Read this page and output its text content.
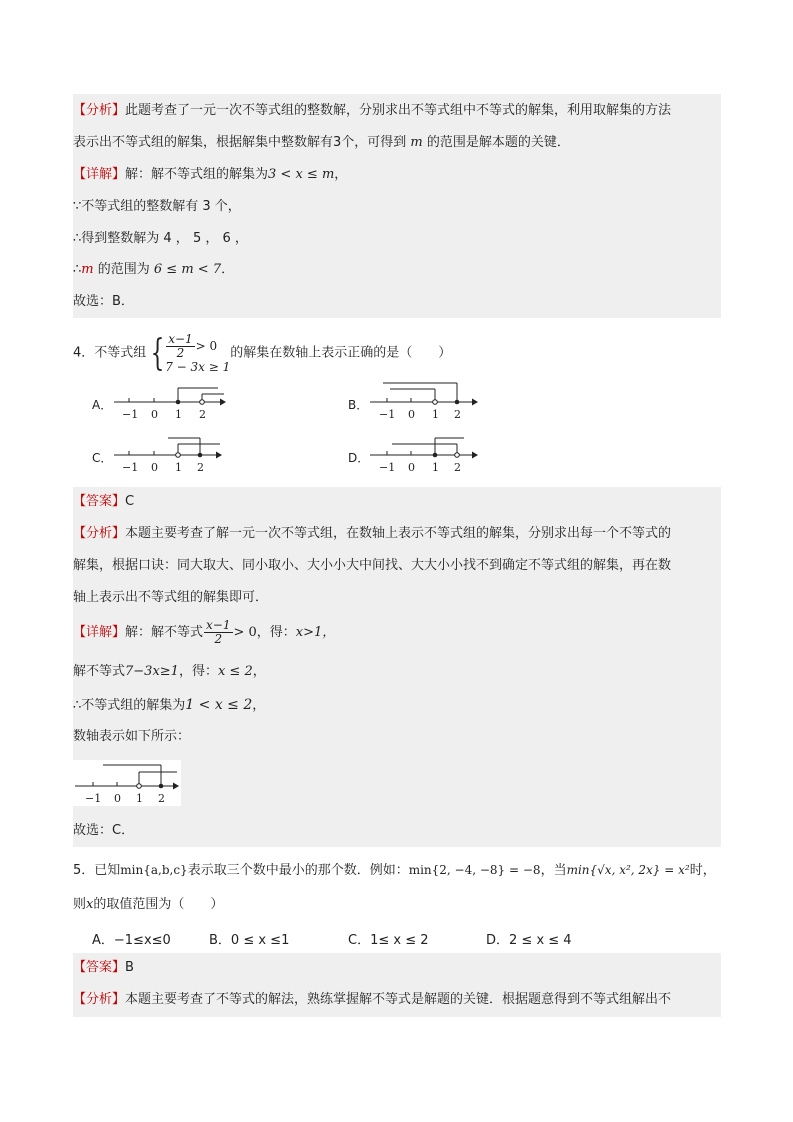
【分析】此题考查了一元一次不等式组的整数解，分别求出不等式组中不等式的解集，利用取解集的方法
表示出不等式组的解集，根据解集中整数解有3个，可得到 m 的范围是解本题的关键．
【详解】解：解不等式组的解集为3 < x ≤ m，
∵不等式组的整数解有 3 个，
∴得到整数解为 4 ， 5 ， 6 ，
∴m 的范围为 6 ≤ m < 7．
故选：B．
4．不等式组 { $\frac{x-1}{2} > 0$
7 − 3x ≥ 1
的解集在数轴上表示正确的是（　　）
A．	B．
C．	D．
−1 0 1 2	−1 0 1 2
−1 0 1 2	−1 0 1 2
【答案】C
【分析】本题主要考查了解一元一次不等式组，在数轴上表示不等式组的解集，分别求出每一个不等式的
解集，根据口诀：同大取大、同小取小、大小小大中间找、大大小小找不到确定不等式组的解集，再在数
轴上表示出不等式组的解集即可．
【详解】解：解不等式 $\frac{x-1}{2} > 0$，得：x>1，
解不等式7−3x≥1，得：x ≤ 2，
∴不等式组的解集为1 < x ≤ 2，
数轴表示如下所示：
−1 0 1 2
故选：C．
5．已知min{a,b,c}表示取三个数中最小的那个数．例如：min{2, −4, −8} = −8，当min{√x, x², 2x} = x²时，
则x的取值范围为（　　）
A．−1≤x≤0	B．0 ≤ x ≤1	C．1≤ x ≤ 2	D．2 ≤ x ≤ 4
【答案】B
【分析】本题主要考查了不等式的解法，熟练掌握解不等式是解题的关键．根据题意得到不等式组解出不
